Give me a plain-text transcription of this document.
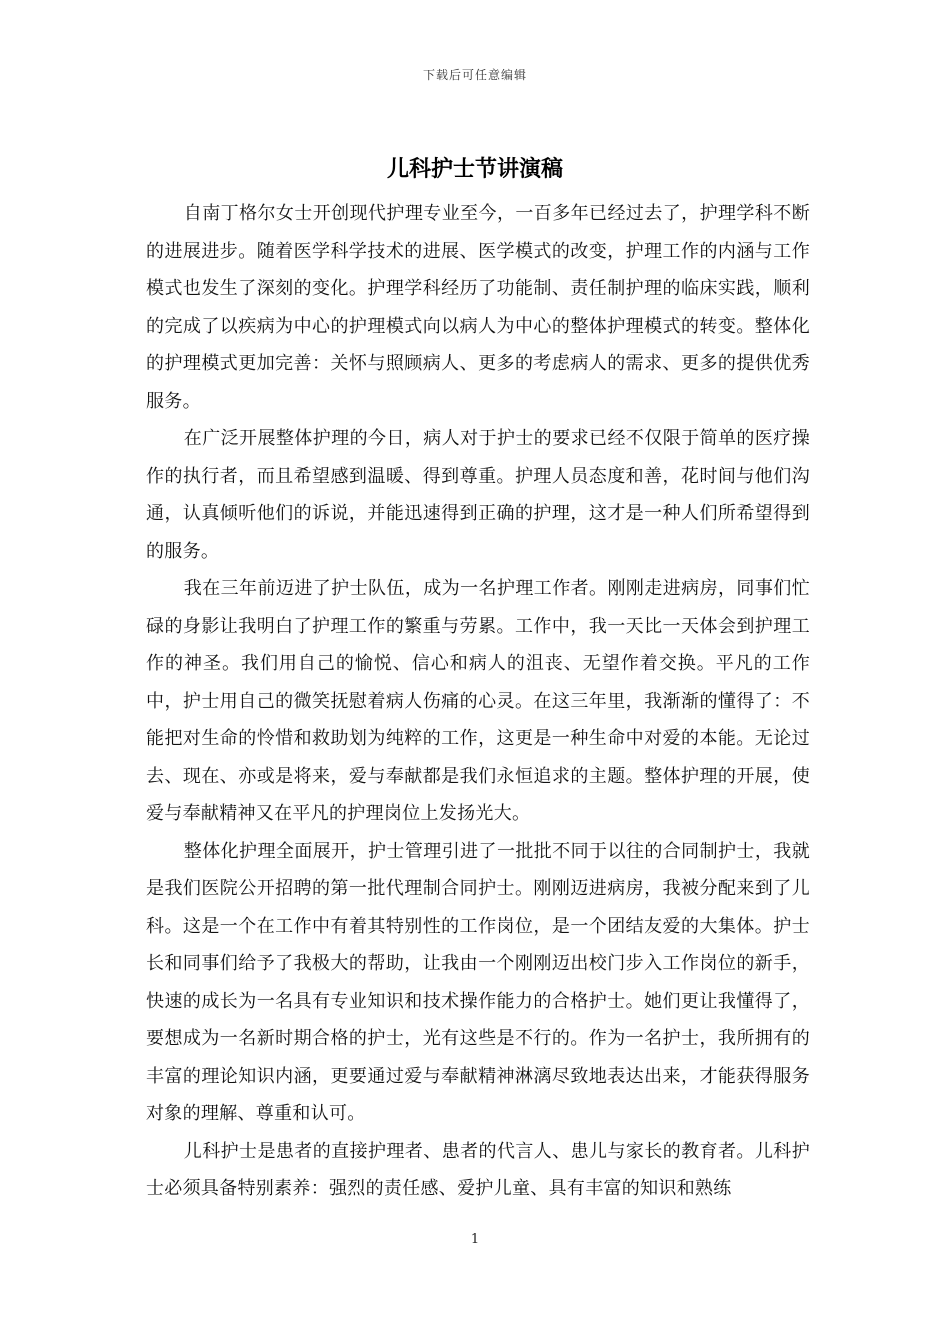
下载后可任意编辑
儿科护士节讲演稿

自南丁格尔女士开创现代护理专业至今，一百多年已经过去了，护理学科不断的进展进步。随着医学科学技术的进展、医学模式的改变，护理工作的内涵与工作模式也发生了深刻的变化。护理学科经历了功能制、责任制护理的临床实践，顺利的完成了以疾病为中心的护理模式向以病人为中心的整体护理模式的转变。整体化的护理模式更加完善：关怀与照顾病人、更多的考虑病人的需求、更多的提供优秀服务。

在广泛开展整体护理的今日，病人对于护士的要求已经不仅限于简单的医疗操作的执行者，而且希望感到温暖、得到尊重。护理人员态度和善，花时间与他们沟通，认真倾听他们的诉说，并能迅速得到正确的护理，这才是一种人们所希望得到的服务。

我在三年前迈进了护士队伍，成为一名护理工作者。刚刚走进病房，同事们忙碌的身影让我明白了护理工作的繁重与劳累。工作中，我一天比一天体会到护理工作的神圣。我们用自己的愉悦、信心和病人的沮丧、无望作着交换。平凡的工作中，护士用自己的微笑抚慰着病人伤痛的心灵。在这三年里，我渐渐的懂得了：不能把对生命的怜惜和救助划为纯粹的工作，这更是一种生命中对爱的本能。无论过去、现在、亦或是将来，爱与奉献都是我们永恒追求的主题。整体护理的开展，使爱与奉献精神又在平凡的护理岗位上发扬光大。

整体化护理全面展开，护士管理引进了一批批不同于以往的合同制护士，我就是我们医院公开招聘的第一批代理制合同护士。刚刚迈进病房，我被分配来到了儿科。这是一个在工作中有着其特别性的工作岗位，是一个团结友爱的大集体。护士长和同事们给予了我极大的帮助，让我由一个刚刚迈出校门步入工作岗位的新手，快速的成长为一名具有专业知识和技术操作能力的合格护士。她们更让我懂得了，要想成为一名新时期合格的护士，光有这些是不行的。作为一名护士，我所拥有的丰富的理论知识内涵，更要通过爱与奉献精神淋漓尽致地表达出来，才能获得服务对象的理解、尊重和认可。

儿科护士是患者的直接护理者、患者的代言人、患儿与家长的教育者。儿科护士必须具备特别素养：强烈的责任感、爱护儿童、具有丰富的知识和熟练

1
